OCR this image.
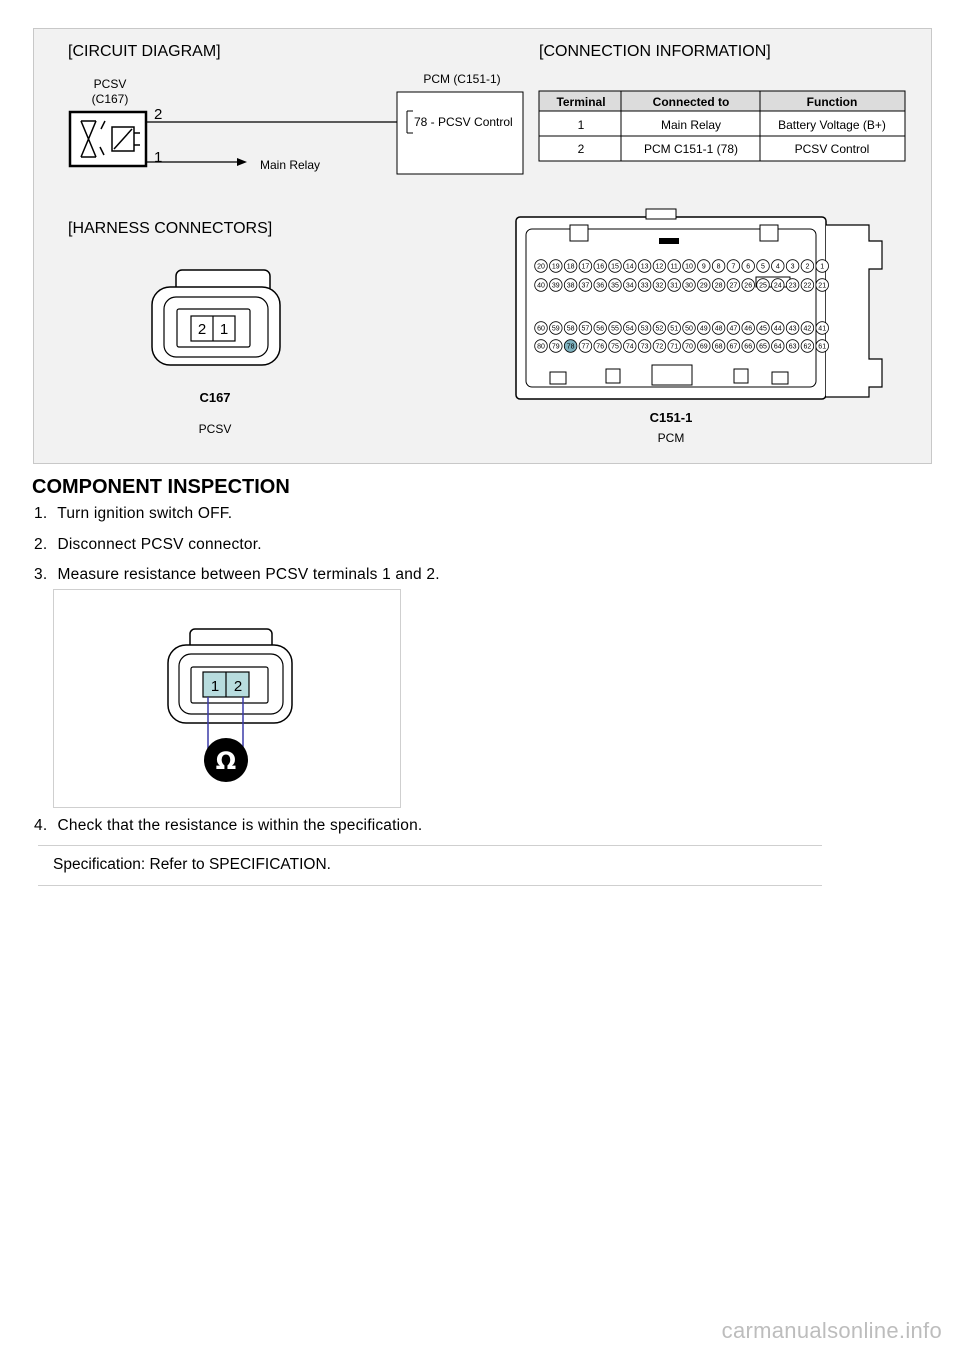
[CIRCUIT DIAGRAM]	[CONNECTION INFORMATION]
[HARNESS CONNECTORS]
PCSV
(C167)
2
1	Main Relay
PCM (C151-1)
78 - PCSV Control
Terminal	Connected to	Function
1	Main Relay	Battery Voltage (B+)
2	PCM C151-1 (78)	PCSV Control
2 1
C167
PCSV
20 19 18 17 16 15 14 13 12 11 10 9 8 7 6 5 4 3 2 1
40 39 38 37 36 35 34 33 32 31 30 29 28 27 26 25 24 23 22 21
60 59 58 57 56 55 54 53 52 51 50 49 48 47 46 45 44 43 42 41
80 79 78 77 76 75 74 73 72 71 70 69 68 67 66 65 64 63 62 61
C151-1
PCM
COMPONENT INSPECTION
1. Turn ignition switch OFF.
2. Disconnect PCSV connector.
3. Measure resistance between PCSV terminals 1 and 2.
1 2
Ω
4. Check that the resistance is within the specification.
Specification: Refer to SPECIFICATION.
carmanualsonline.info
